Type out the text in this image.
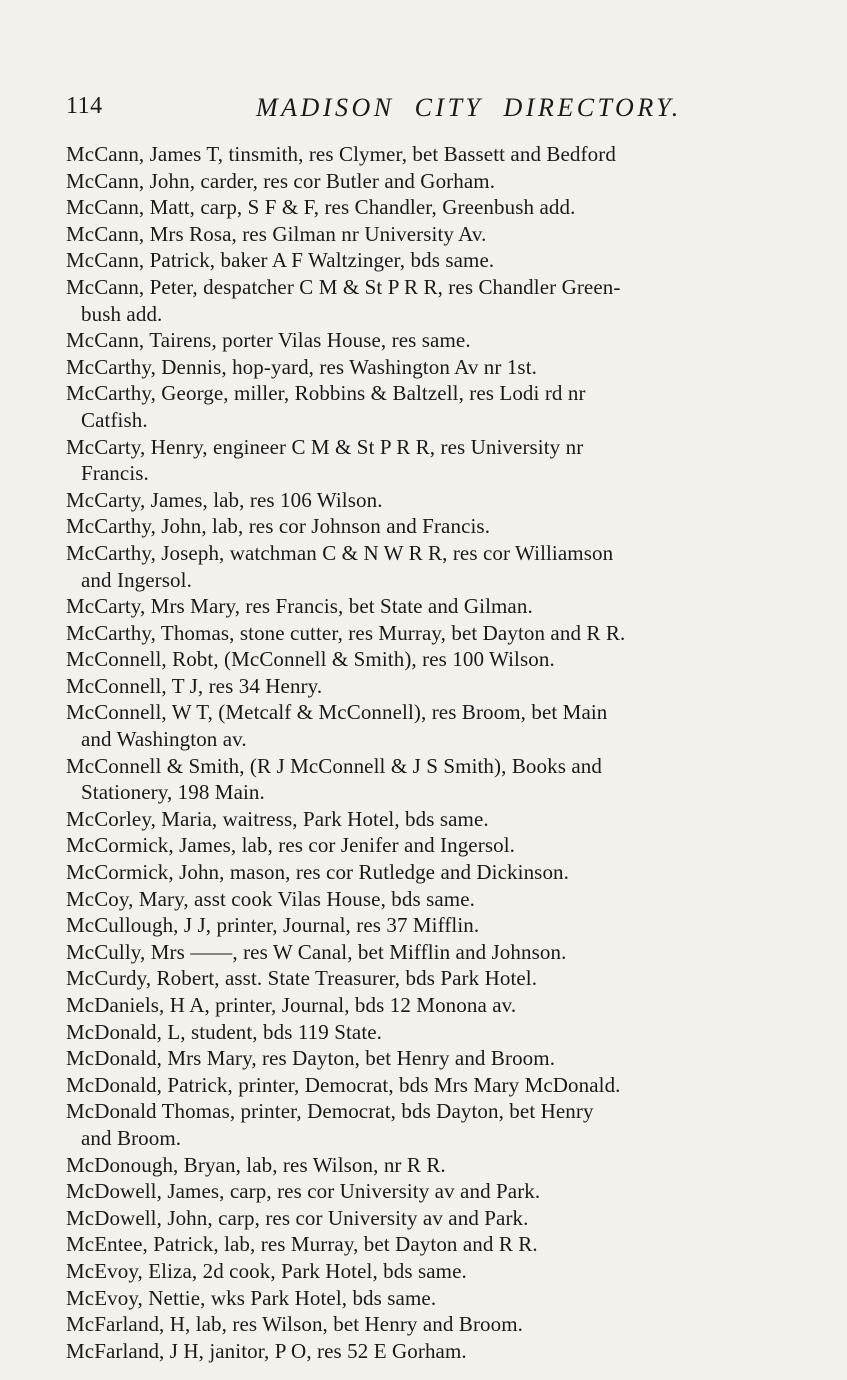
114	MADISON CITY DIRECTORY.
McCann, James T, tinsmith, res Clymer, bet Bassett and Bedford
McCann, John, carder, res cor Butler and Gorham.
McCann, Matt, carp, S F & F, res Chandler, Greenbush add.
McCann, Mrs Rosa, res Gilman nr University Av.
McCann, Patrick, baker A F Waltzinger, bds same.
McCann, Peter, despatcher C M & St P R R, res Chandler Green-
bush add.
McCann, Tairens, porter Vilas House, res same.
McCarthy, Dennis, hop-yard, res Washington Av nr 1st.
McCarthy, George, miller, Robbins & Baltzell, res Lodi rd nr
Catfish.
McCarty, Henry, engineer C M & St P R R, res University nr
Francis.
McCarty, James, lab, res 106 Wilson.
McCarthy, John, lab, res cor Johnson and Francis.
McCarthy, Joseph, watchman C & N W R R, res cor Williamson
and Ingersol.
McCarty, Mrs Mary, res Francis, bet State and Gilman.
McCarthy, Thomas, stone cutter, res Murray, bet Dayton and R R.
McConnell, Robt, (McConnell & Smith), res 100 Wilson.
McConnell, T J, res 34 Henry.
McConnell, W T, (Metcalf & McConnell), res Broom, bet Main
and Washington av.
McConnell & Smith, (R J McConnell & J S Smith), Books and
Stationery, 198 Main.
McCorley, Maria, waitress, Park Hotel, bds same.
McCormick, James, lab, res cor Jenifer and Ingersol.
McCormick, John, mason, res cor Rutledge and Dickinson.
McCoy, Mary, asst cook Vilas House, bds same.
McCullough, J J, printer, Journal, res 37 Mifflin.
McCully, Mrs ——, res W Canal, bet Mifflin and Johnson.
McCurdy, Robert, asst. State Treasurer, bds Park Hotel.
McDaniels, H A, printer, Journal, bds 12 Monona av.
McDonald, L, student, bds 119 State.
McDonald, Mrs Mary, res Dayton, bet Henry and Broom.
McDonald, Patrick, printer, Democrat, bds Mrs Mary McDonald.
McDonald Thomas, printer, Democrat, bds Dayton, bet Henry
and Broom.
McDonough, Bryan, lab, res Wilson, nr R R.
McDowell, James, carp, res cor University av and Park.
McDowell, John, carp, res cor University av and Park.
McEntee, Patrick, lab, res Murray, bet Dayton and R R.
McEvoy, Eliza, 2d cook, Park Hotel, bds same.
McEvoy, Nettie, wks Park Hotel, bds same.
McFarland, H, lab, res Wilson, bet Henry and Broom.
McFarland, J H, janitor, P O, res 52 E Gorham.
